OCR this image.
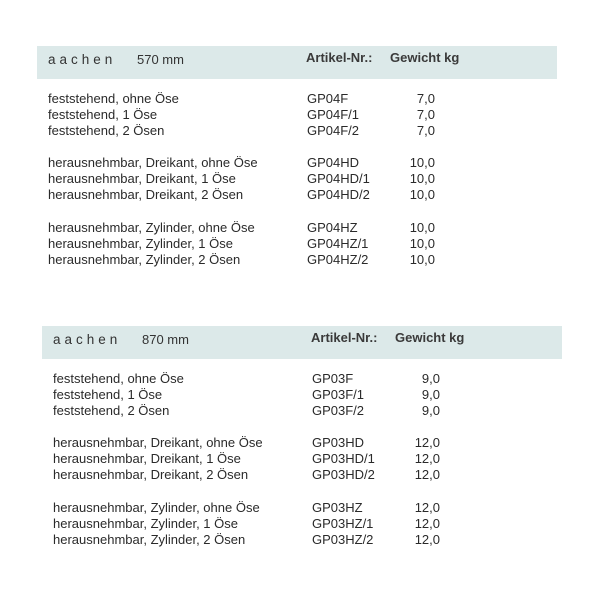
aachen 570 mm	Artikel-Nr.: Gewicht kg
feststehend, ohne Öse	GP04F	7,0
feststehend, 1 Öse	GP04F/1	7,0
feststehend, 2 Ösen	GP04F/2	7,0
herausnehmbar, Dreikant, ohne Öse	GP04HD	10,0
herausnehmbar, Dreikant, 1 Öse	GP04HD/1	10,0
herausnehmbar, Dreikant, 2 Ösen	GP04HD/2	10,0
herausnehmbar, Zylinder, ohne Öse	GP04HZ	10,0
herausnehmbar, Zylinder, 1 Öse	GP04HZ/1	10,0
herausnehmbar, Zylinder, 2 Ösen	GP04HZ/2	10,0
aachen 870 mm	Artikel-Nr.: Gewicht kg
feststehend, ohne Öse	GP03F	9,0
feststehend, 1 Öse	GP03F/1	9,0
feststehend, 2 Ösen	GP03F/2	9,0
herausnehmbar, Dreikant, ohne Öse	GP03HD	12,0
herausnehmbar, Dreikant, 1 Öse	GP03HD/1	12,0
herausnehmbar, Dreikant, 2 Ösen	GP03HD/2	12,0
herausnehmbar, Zylinder, ohne Öse	GP03HZ	12,0
herausnehmbar, Zylinder, 1 Öse	GP03HZ/1	12,0
herausnehmbar, Zylinder, 2 Ösen	GP03HZ/2	12,0
